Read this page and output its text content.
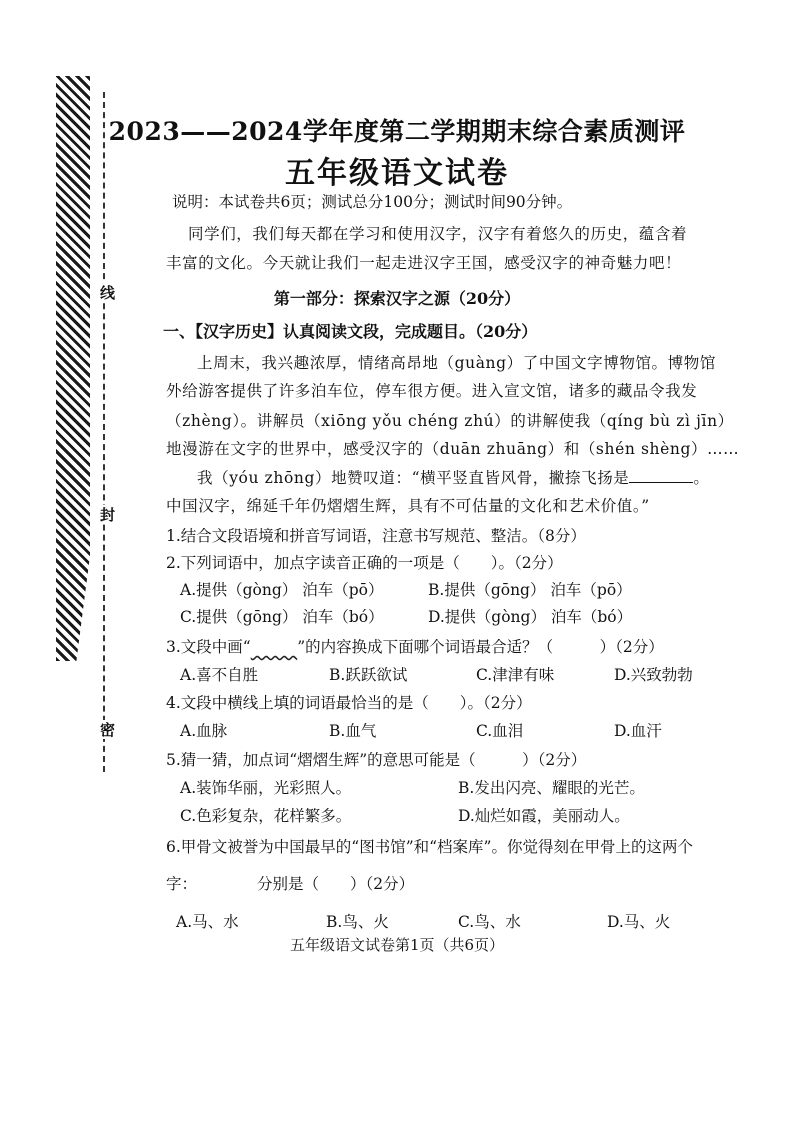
线
封
密
2023——2024学年度第二学期期末综合素质测评
五年级语文试卷
说明：本试卷共6页；测试总分100分；测试时间90分钟。
同学们，我们每天都在学习和使用汉字，汉字有着悠久的历史，蕴含着
丰富的文化。今天就让我们一起走进汉字王国，感受汉字的神奇魅力吧！
第一部分：探索汉字之源（20分）
一、【汉字历史】认真阅读文段，完成题目。（20分）
上周末，我兴趣浓厚，情绪高昂地（guàng）了中国文字博物馆。博物馆
外给游客提供了许多泊车位，停车很方便。进入宣文馆，诸多的藏品令我发
（zhèng）。讲解员（xiōng yǒu chéng zhú）的讲解使我（qíng bù zì jīn）
地漫游在文字的世界中，感受汉字的（duān zhuāng）和（shén shèng）……
我（yóu zhōng）地赞叹道：“横平竖直皆风骨，撇捺飞扬是	。
中国汉字，绵延千年仍熠熠生辉，具有不可估量的文化和艺术价值。”
1.结合文段语境和拼音写词语，注意书写规范、整洁。（8分）
2.下列词语中，加点字读音正确的一项是（　　）。（2分）
A.提供（gòng） 泊车（pō）	B.提供（gōng） 泊车（pō）
C.提供（gōng） 泊车（bó）	D.提供（gòng） 泊车（bó）
3.文段中画“　　　	”的内容换成下面哪个词语最合适？（　　　）（2分）
A.喜不自胜	B.跃跃欲试	C.津津有味	D.兴致勃勃
4.文段中横线上填的词语最恰当的是（　　）。（2分）
A.血脉	B.血气	C.血泪	D.血汗
5.猜一猜，加点词“熠熠生辉”的意思可能是（　　　）（2分）
A.装饰华丽，光彩照人。	B.发出闪亮、耀眼的光芒。
C.色彩复杂，花样繁多。	D.灿烂如霞，美丽动人。
6.甲骨文被誉为中国最早的“图书馆”和“档案库”。你觉得刻在甲骨上的这两个
字：	分别是（　　）（2分）
A.马、水	B.鸟、火	C.鸟、水	D.马、火
五年级语文试卷第1页（共6页）
